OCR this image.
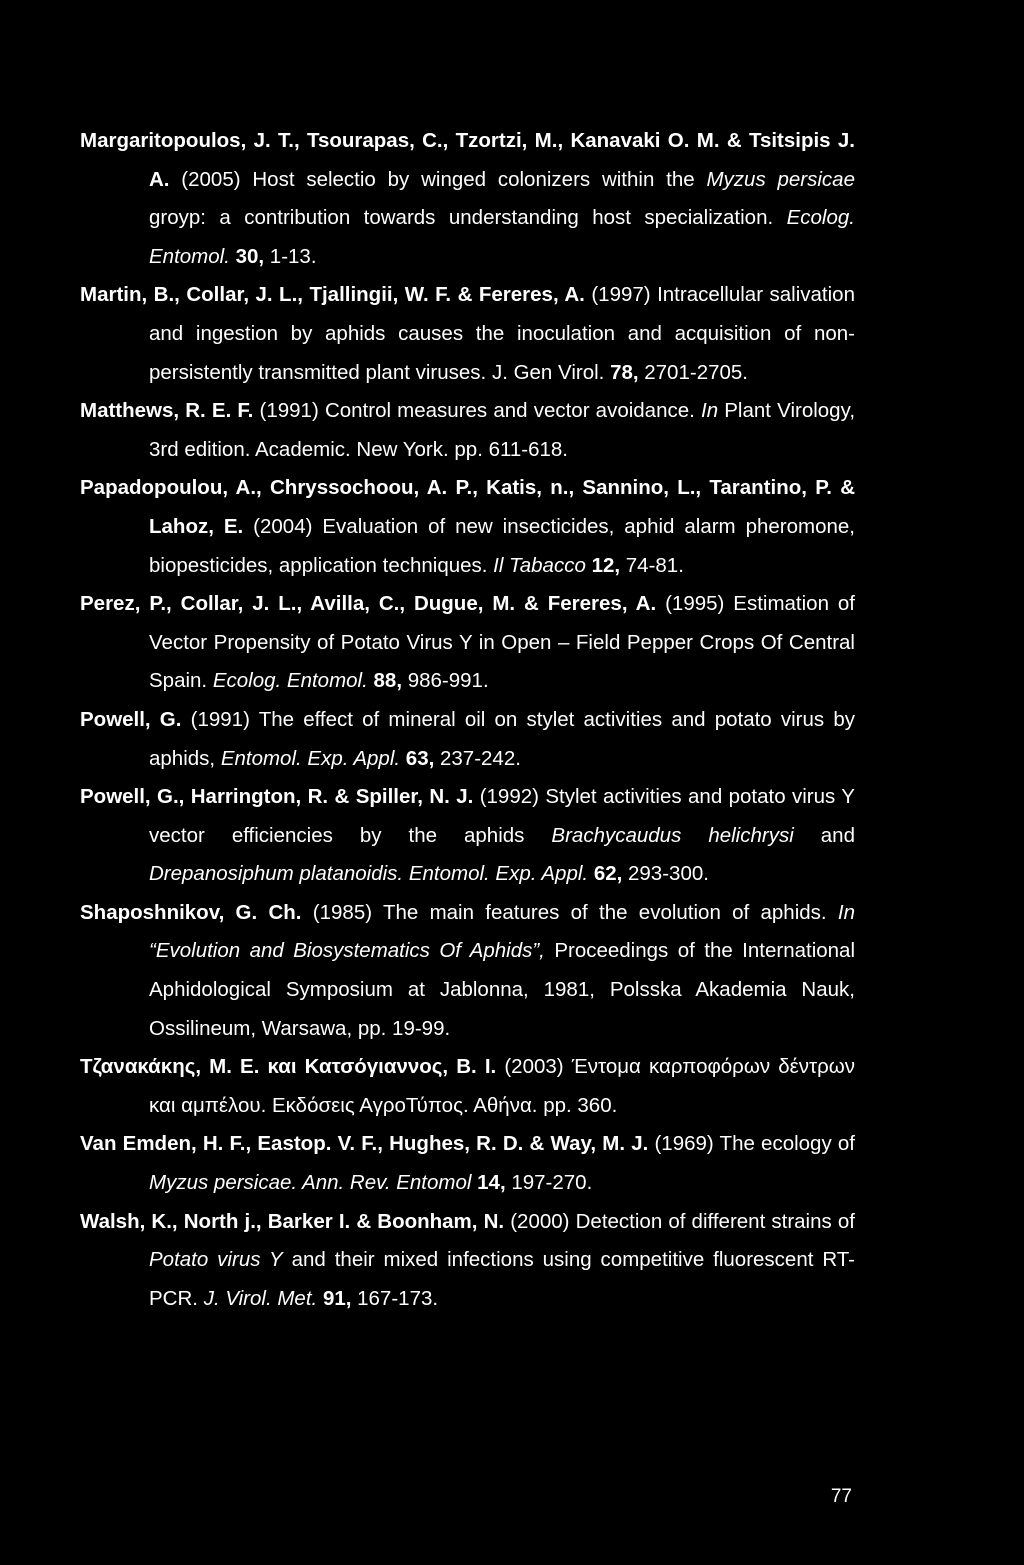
Margaritopoulos, J. T., Tsourapas, C., Tzortzi, M., Kanavaki O. M. & Tsitsipis J. A. (2005) Host selectio by winged colonizers within the Myzus persicae groyp: a contribution towards understanding host specialization. Ecolog. Entomol. 30, 1-13.

Martin, B., Collar, J. L., Tjallingii, W. F. & Fereres, A. (1997) Intracellular salivation and ingestion by aphids causes the inoculation and acquisition of non-persistently transmitted plant viruses. J. Gen Virol. 78, 2701-2705.

Matthews, R. E. F. (1991) Control measures and vector avoidance. In Plant Virology, 3rd edition. Academic. New York. pp. 611-618.

Papadopoulou, A., Chryssochoou, A. P., Katis, n., Sannino, L., Tarantino, P. & Lahoz, E. (2004) Evaluation of new insecticides, aphid alarm pheromone, biopesticides, application techniques. Il Tabacco 12, 74-81.

Perez, P., Collar, J. L., Avilla, C., Dugue, M. & Fereres, A. (1995) Estimation of Vector Propensity of Potato Virus Y in Open – Field Pepper Crops Of Central Spain. Ecolog. Entomol. 88, 986-991.

Powell, G. (1991) The effect of mineral oil on stylet activities and potato virus by aphids, Entomol. Exp. Appl. 63, 237-242.

Powell, G., Harrington, R. & Spiller, N. J. (1992) Stylet activities and potato virus Y vector efficiencies by the aphids Brachycaudus helichrysi and Drepanosiphum platanoidis. Entomol. Exp. Appl. 62, 293-300.

Shaposhnikov, G. Ch. (1985) The main features of the evolution of aphids. In “Evolution and Biosystematics Of Aphids”, Proceedings of the International Aphidological Symposium at Jablonna, 1981, Polsska Akademia Nauk, Ossilineum, Warsawa, pp. 19-99.

Τζανακάκης, Μ. Ε. και Κατσόγιαννος, Β. Ι. (2003) Έντομα καρποφόρων δέντρων και αμπέλου. Εκδόσεις ΑγροΤύπος. Αθήνα. pp. 360.

Van Emden, H. F., Eastop. V. F., Hughes, R. D. & Way, M. J. (1969) The ecology of Myzus persicae. Ann. Rev. Entomol 14, 197-270.

Walsh, K., North j., Barker I. & Boonham, N. (2000) Detection of different strains of Potato virus Y and their mixed infections using competitive fluorescent RT-PCR. J. Virol. Met. 91, 167-173.

77
